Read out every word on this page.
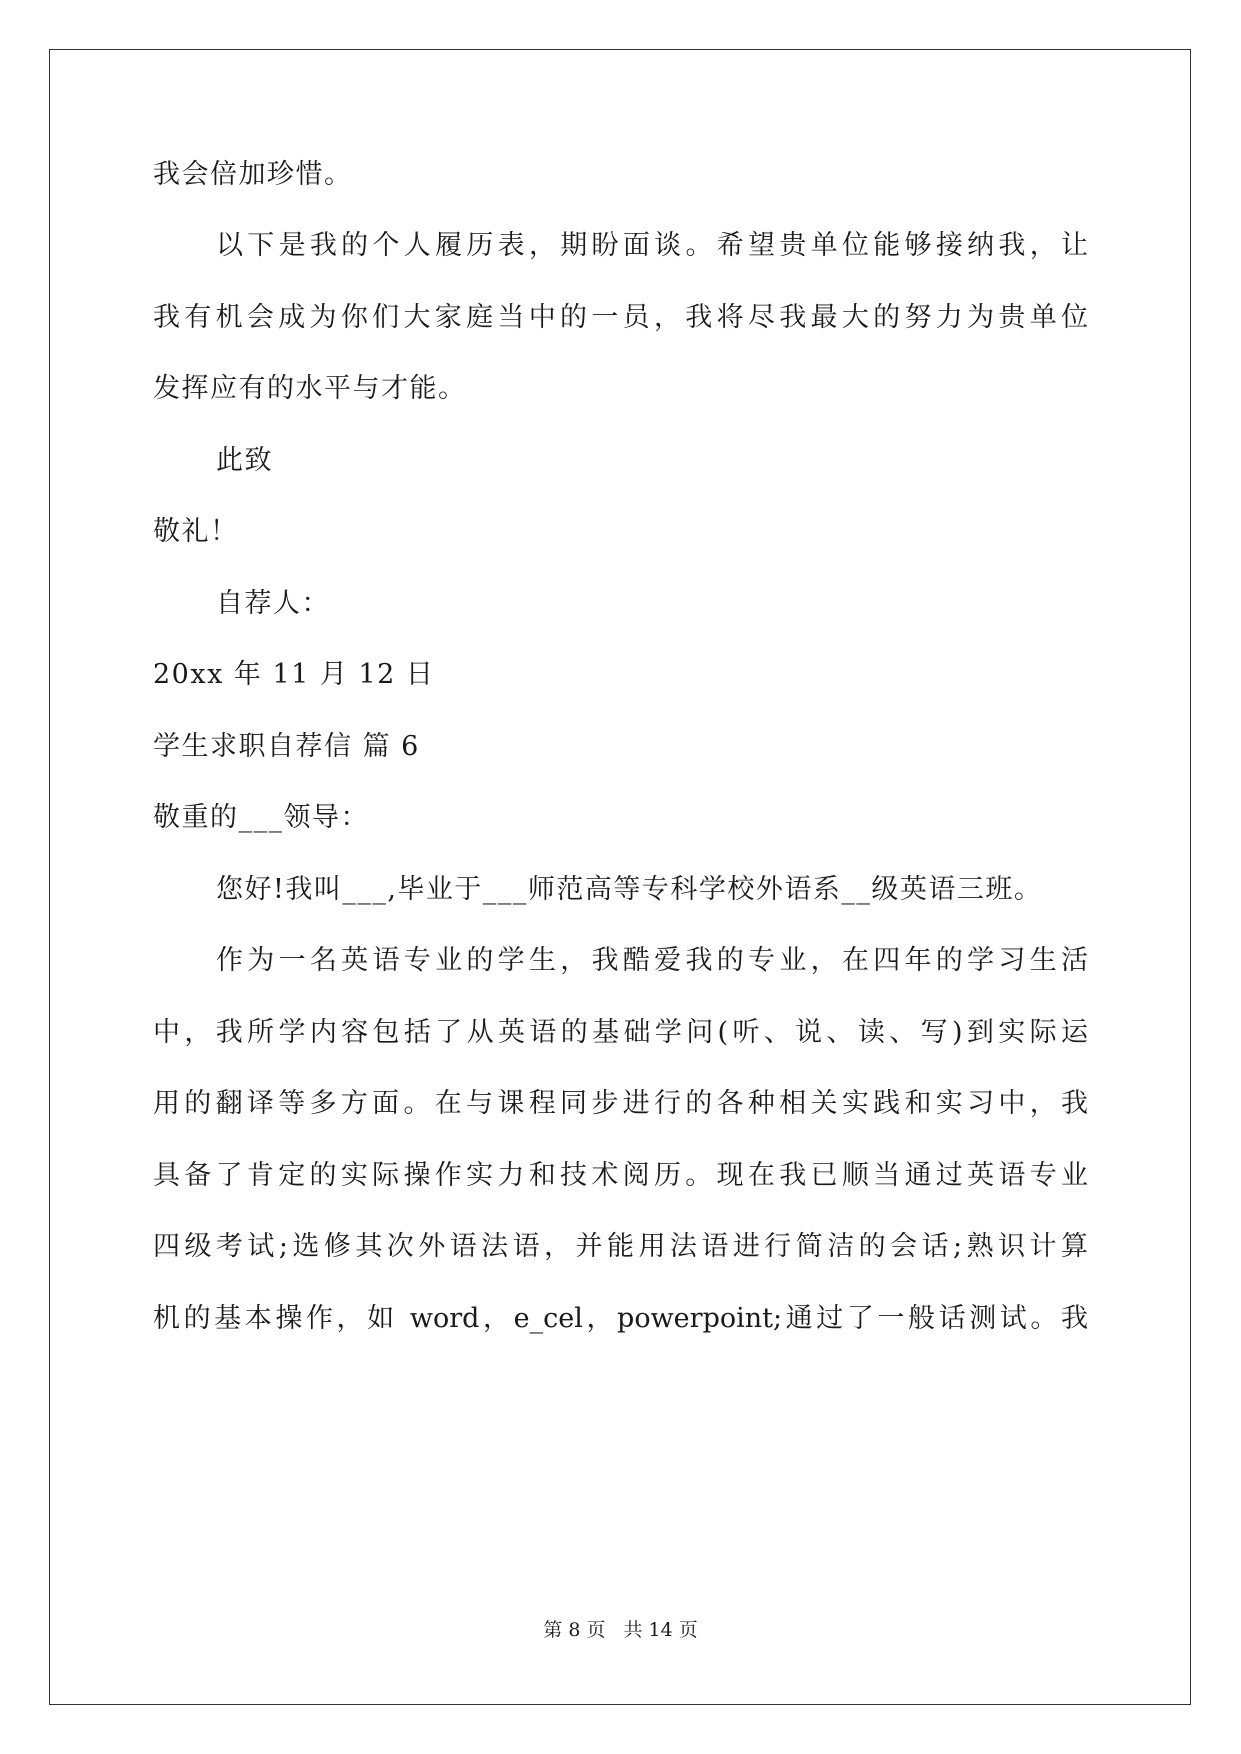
我会倍加珍惜。
以下是我的个人履历表，期盼面谈。希望贵单位能够接纳我，让
我有机会成为你们大家庭当中的一员，我将尽我最大的努力为贵单位
发挥应有的水平与才能。
此致
敬礼！
自荐人：
20xx 年 11 月 12 日
学生求职自荐信 篇 6
敬重的___领导：
您好!我叫___,毕业于___师范高等专科学校外语系__级英语三班。
作为一名英语专业的学生，我酷爱我的专业，在四年的学习生活
中，我所学内容包括了从英语的基础学问(听、说、读、写)到实际运
用的翻译等多方面。在与课程同步进行的各种相关实践和实习中，我
具备了肯定的实际操作实力和技术阅历。现在我已顺当通过英语专业
四级考试;选修其次外语法语，并能用法语进行简洁的会话;熟识计算
机的基本操作，如 word，e_cel，powerpoint;通过了一般话测试。我
第 8 页 共 14 页
